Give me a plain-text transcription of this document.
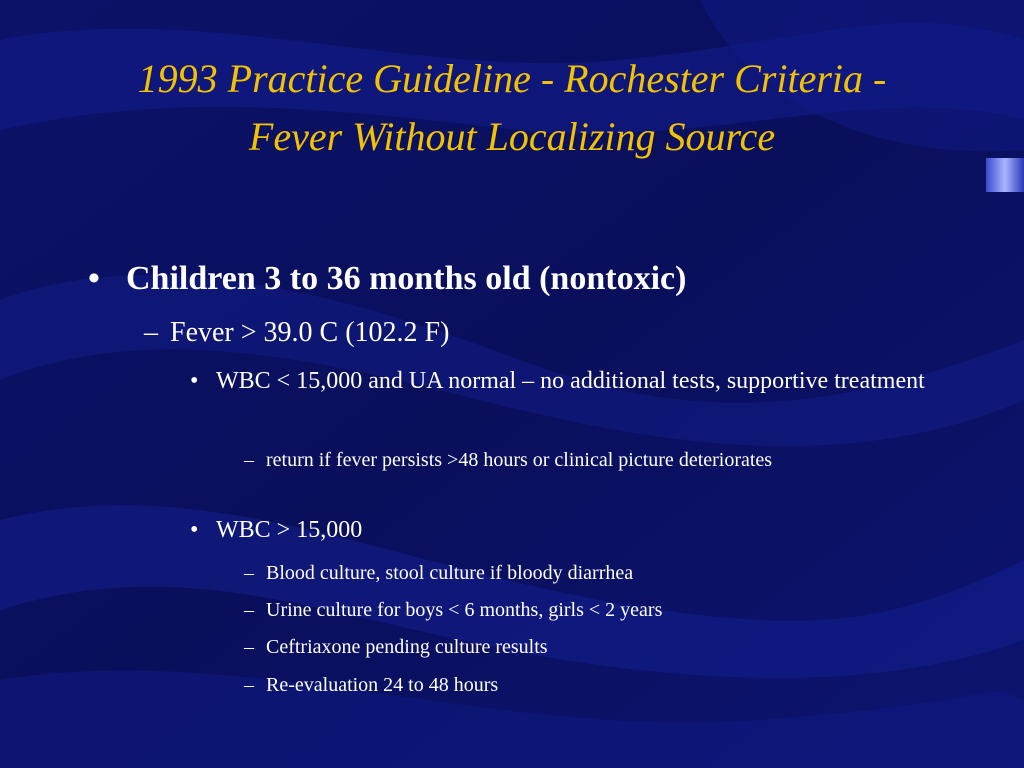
1993 Practice Guideline - Rochester Criteria - Fever Without Localizing Source
• Children 3 to 36 months old (nontoxic)
– Fever > 39.0 C (102.2 F)
• WBC < 15,000 and UA normal – no additional tests, supportive treatment
– return if fever persists >48 hours or clinical picture deteriorates
• WBC > 15,000
– Blood culture, stool culture if bloody diarrhea
– Urine culture for boys < 6 months, girls < 2 years
– Ceftriaxone pending culture results
– Re-evaluation 24 to 48 hours
